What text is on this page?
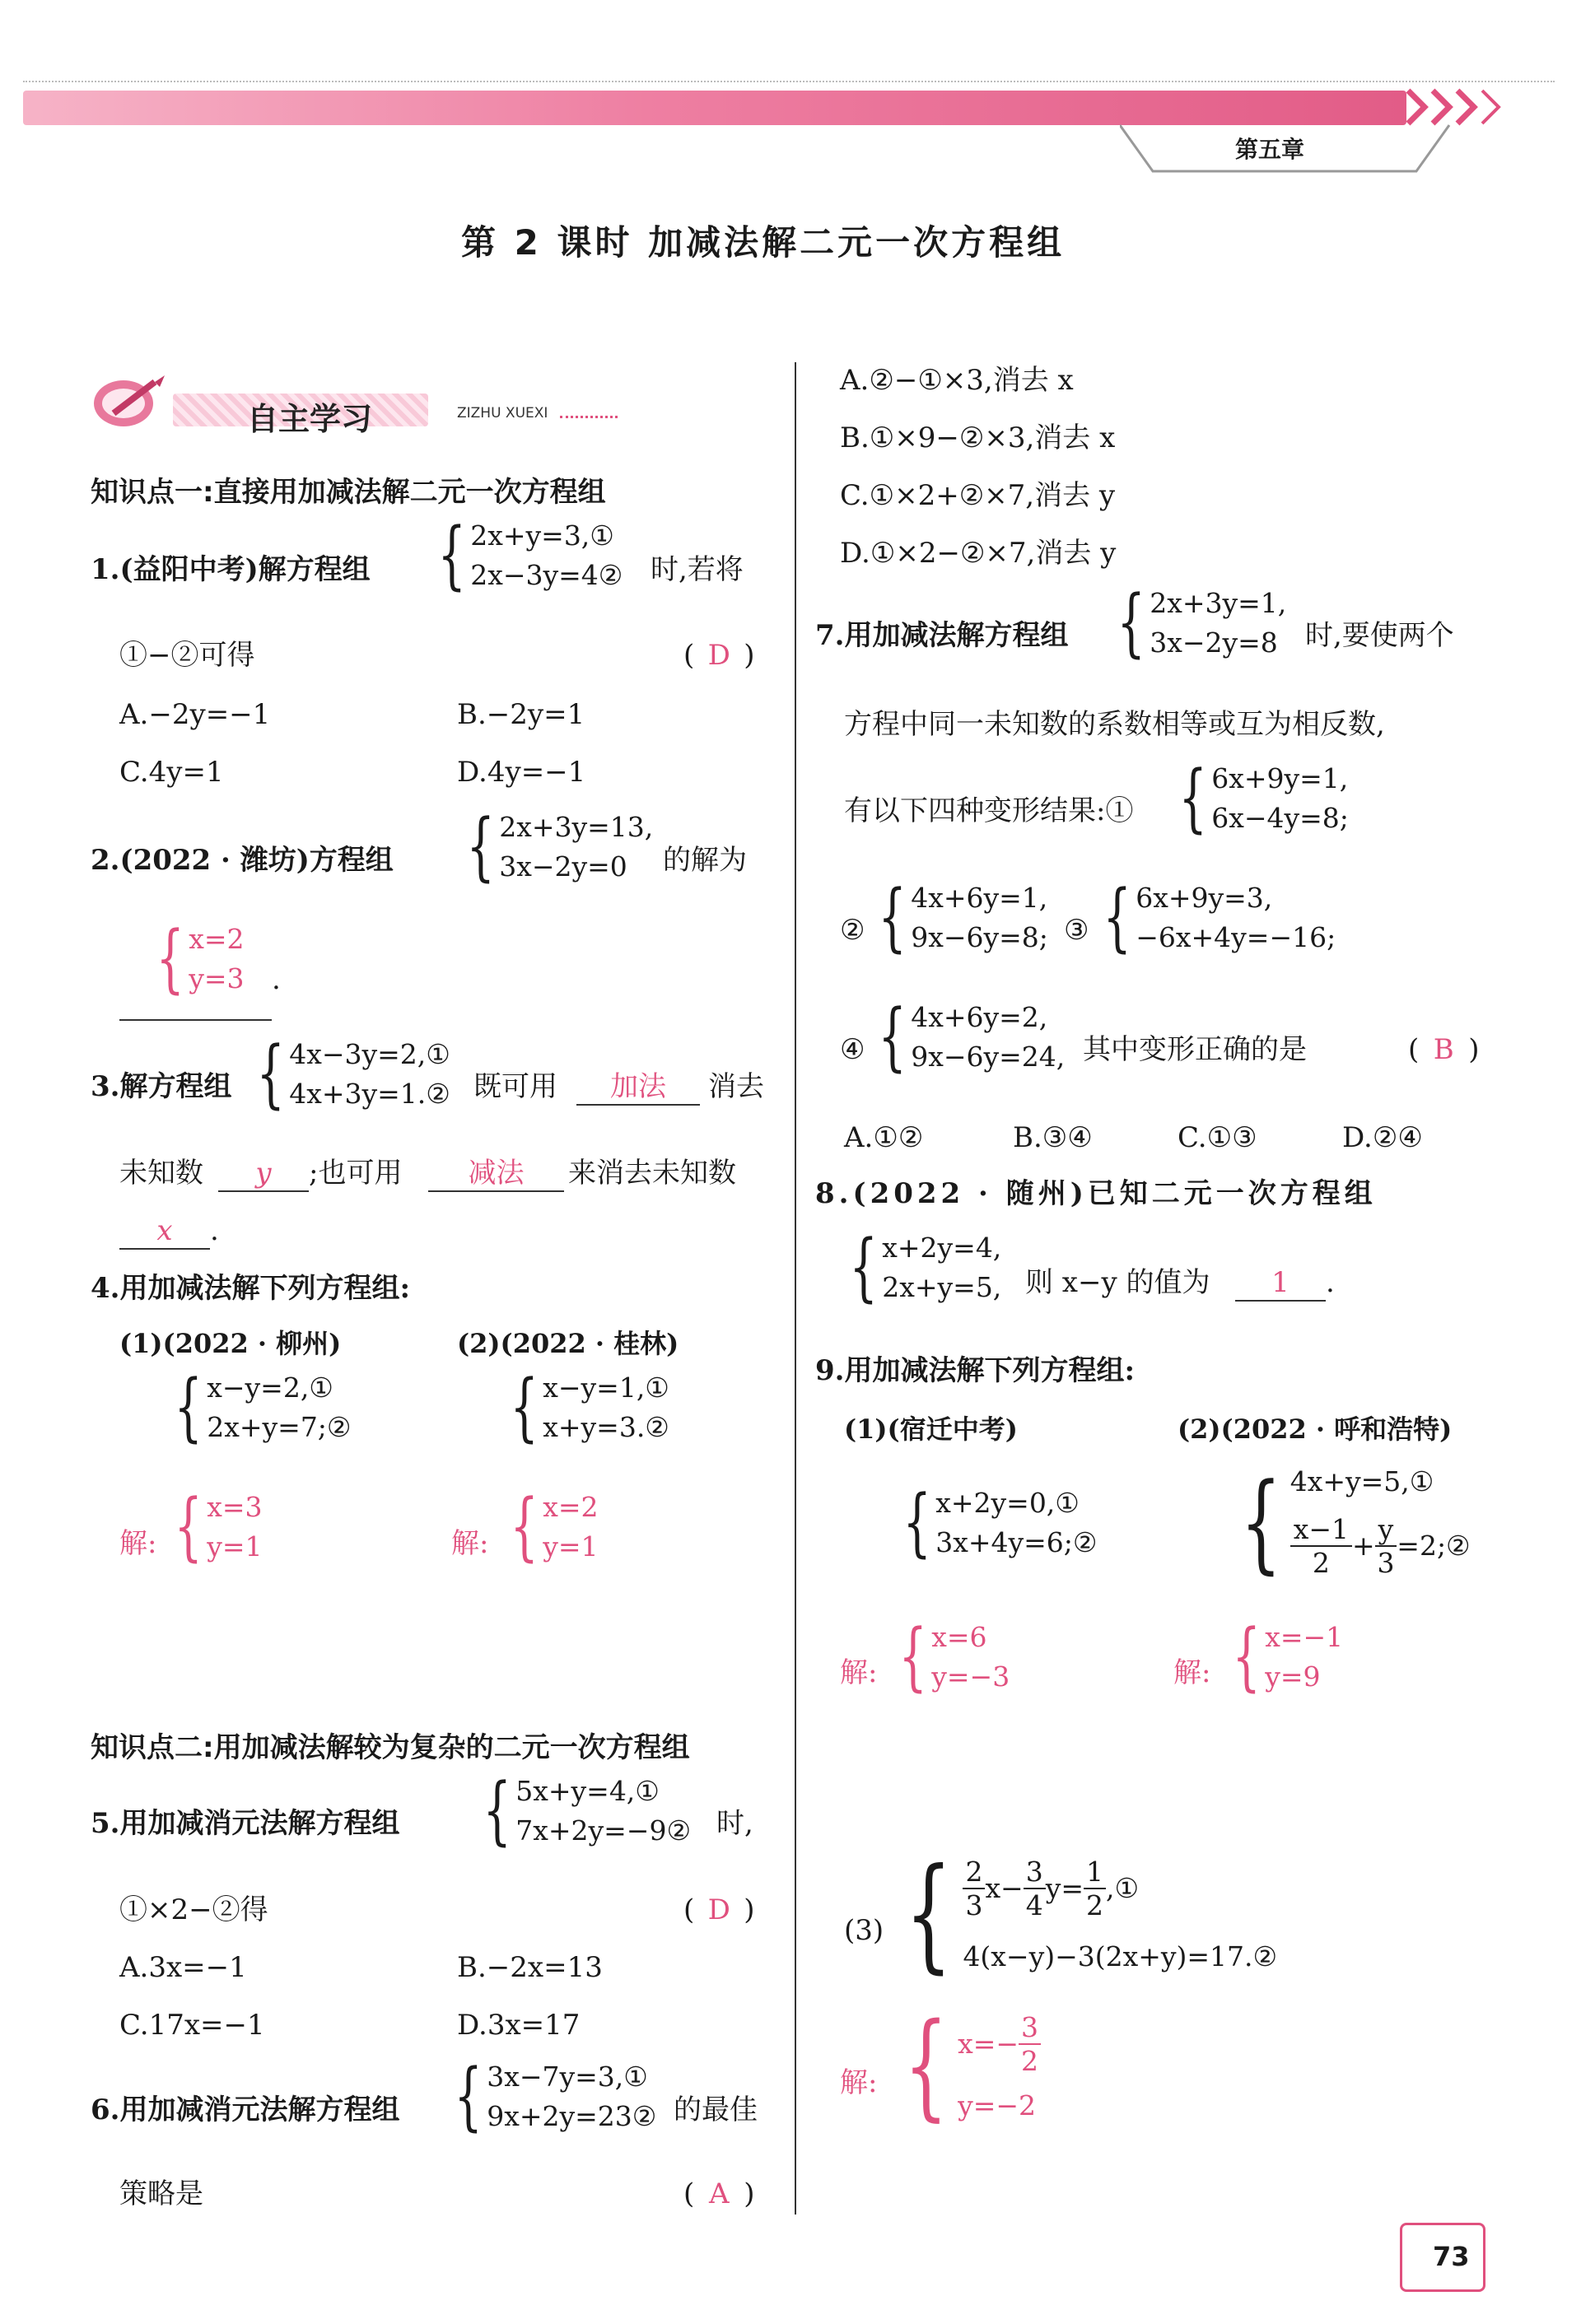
第五章
第 2 课时 加减法解二元一次方程组
自主学习	ZIZHU XUEXI
知识点一:直接用加减法解二元一次方程组
1.(益阳中考)解方程组 { 2x+y=3,①
2x−3y=4② 时,若将
①−②可得	( D )
A.−2y=−1	B.−2y=1
C.4y=1	D.4y=−1
2.(2022 · 潍坊)方程组 { 2x+3y=13,
3x−2y=0	的解为
{ x=2
y=3 .
3.解方程组 { 4x−3y=2,①
4x+3y=1.② 既可用	加法	消去
未知数	y	;也可用	减法	来消去未知数
x .
4.用加减法解下列方程组:
(1)(2022 · 柳州)	(2)(2022 · 桂林)
{ x−y=2,①
2x+y=7;② { x−y=1,①
x+y=3.②
解: { x=3
y=1	解: { x=2
y=1
知识点二:用加减法解较为复杂的二元一次方程组
5.用加减消元法解方程组 { 5x+y=4,①
7x+2y=−9② 时,
①×2−②得	( D )
A.3x=−1	B.−2x=13
C.17x=−1	D.3x=17
6.用加减消元法解方程组 { 3x−7y=3,①
9x+2y=23② 的最佳
策略是	( A )
A.②−①×3,消去 x
B.①×9−②×3,消去 x
C.①×2+②×7,消去 y
D.①×2−②×7,消去 y
7.用加减法解方程组 { 2x+3y=1,
3x−2y=8 时,要使两个
方程中同一未知数的系数相等或互为相反数,
有以下四种变形结果:① { 6x+9y=1,
6x−4y=8;
② { 4x+6y=1,
9x−6y=8; ③ { 6x+9y=3,
−6x+4y=−16;
④ { 4x+6y=2,
9x−6y=24, 其中变形正确的是	( B )
A.①②	B.③④	C.①③	D.②④
8.(2022 · 随州)已知二元一次方程组
{ x+2y=4,
2x+y=5, 则 x−y 的值为	1 .
9.用加减法解下列方程组:
(1)(宿迁中考)	(2)(2022 · 呼和浩特)
{ x+2y=0,①
3x+4y=6;② { 4x+y=5,①
x−1
2
+ $\frac{y}{3}$ =2;②
解: { x=6
y=−3	解: { x=−1
y=9
(3) { 2
3
$x- \frac{3}{4} y= \frac{1}{2}$ ,①
4(x−y)−3(2x+y)=17.②
解: { $x=- \frac{3}{2}$
y=−2
73
